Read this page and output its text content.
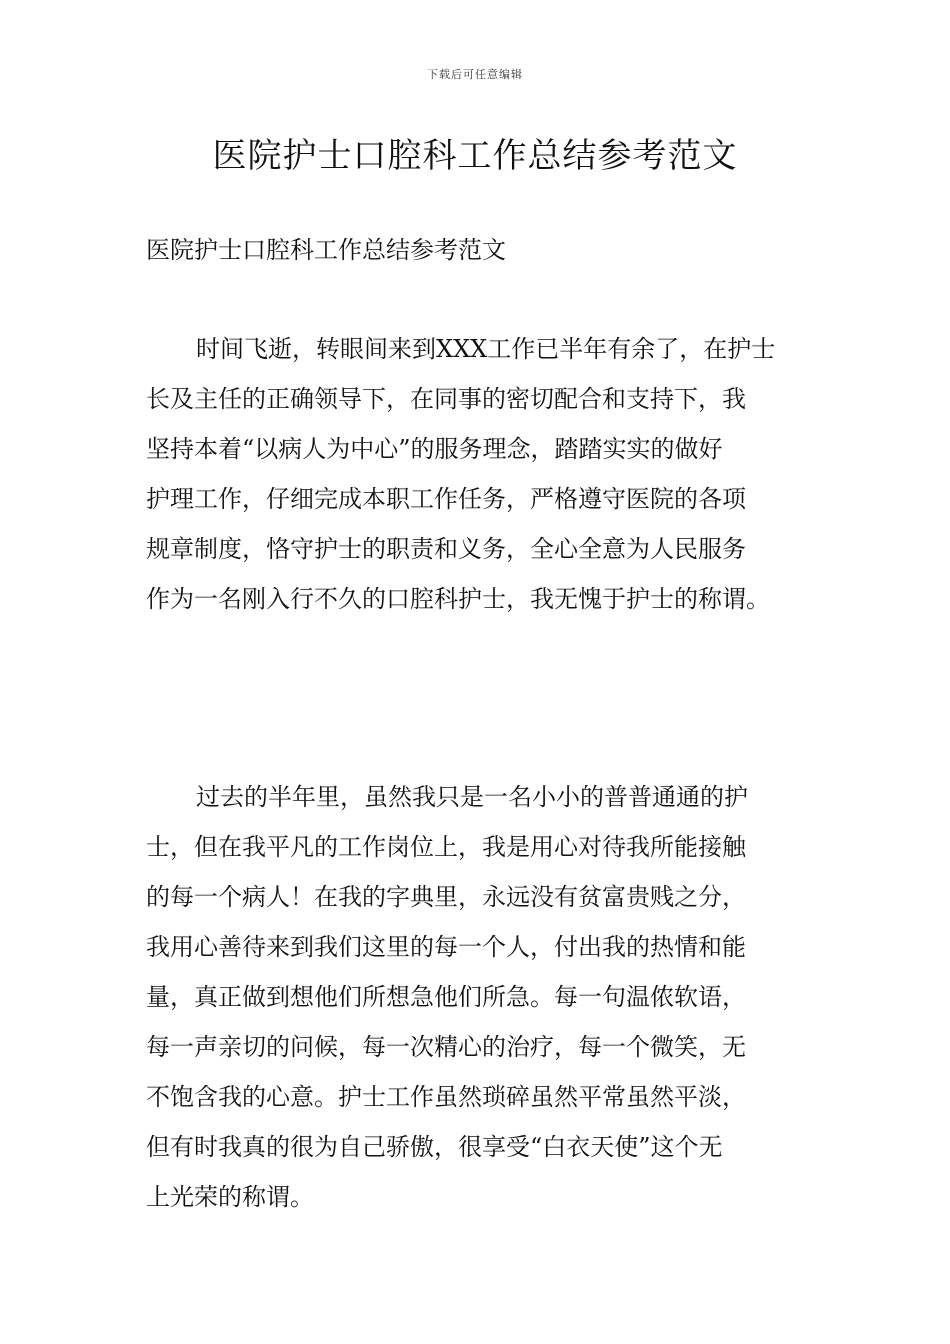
下载后可任意编辑
医院护士口腔科工作总结参考范文

医院护士口腔科工作总结参考范文

时间飞逝，转眼间来到XXX工作已半年有余了，在护士
长及主任的正确领导下，在同事的密切配合和支持下，我
坚持本着“以病人为中心”的服务理念，踏踏实实的做好
护理工作，仔细完成本职工作任务，严格遵守医院的各项
规章制度，恪守护士的职责和义务，全心全意为人民服务
作为一名刚入行不久的口腔科护士，我无愧于护士的称谓。
过去的半年里，虽然我只是一名小小的普普通通的护
士，但在我平凡的工作岗位上，我是用心对待我所能接触
的每一个病人！在我的字典里，永远没有贫富贵贱之分，
我用心善待来到我们这里的每一个人，付出我的热情和能
量，真正做到想他们所想急他们所急。每一句温侬软语，
每一声亲切的问候，每一次精心的治疗，每一个微笑，无
不饱含我的心意。护士工作虽然琐碎虽然平常虽然平淡，
但有时我真的很为自己骄傲，很享受“白衣天使”这个无
上光荣的称谓。
